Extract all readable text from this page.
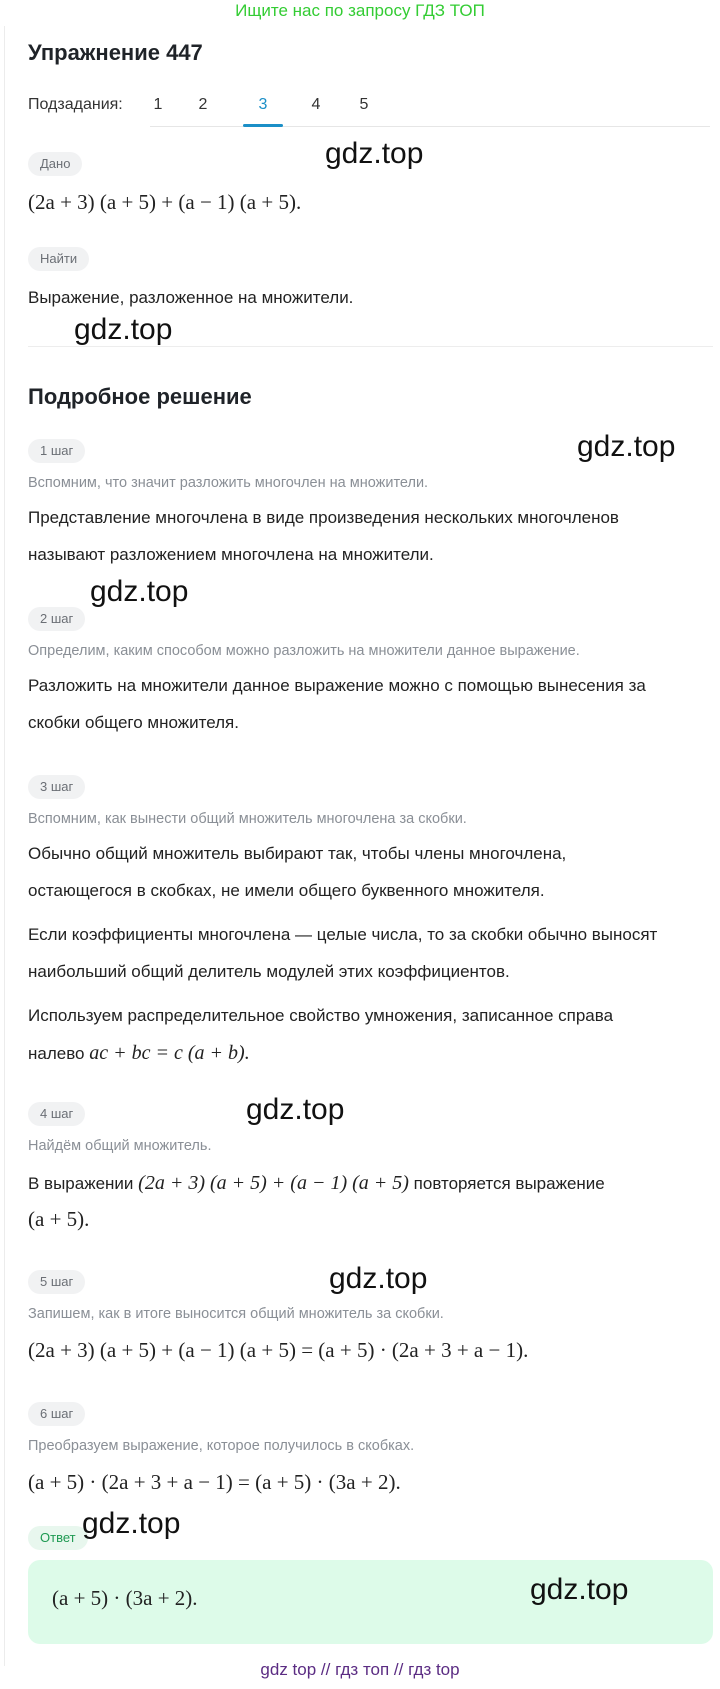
Ищите нас по запросу ГДЗ ТОП
Упражнение 447
Подзадания:	1	2	3	4	5
Дано
(2a + 3) (a + 5) + (a − 1) (a + 5).
Найти
Выражение, разложенное на множители.
Подробное решение
1 шаг
Вспомним, что значит разложить многочлен на множители.
Представление многочлена в виде произведения нескольких многочленов
называют разложением многочлена на множители.
2 шаг
Определим, каким способом можно разложить на множители данное выражение.
Разложить на множители данное выражение можно с помощью вынесения за
скобки общего множителя.
3 шаг
Вспомним, как вынести общий множитель многочлена за скобки.
Обычно общий множитель выбирают так, чтобы члены многочлена,
остающегося в скобках, не имели общего буквенного множителя.
Если коэффициенты многочлена — целые числа, то за скобки обычно выносят
наибольший общий делитель модулей этих коэффициентов.
Используем распределительное свойство умножения, записанное справа
налево ac + bc = c (a + b).
4 шаг
Найдём общий множитель.
В выражении (2a + 3) (a + 5) + (a − 1) (a + 5) повторяется выражение
(a + 5).
5 шаг
Запишем, как в итоге выносится общий множитель за скобки.
(2a + 3) (a + 5) + (a − 1) (a + 5) = (a + 5) · (2a + 3 + a − 1).
6 шаг
Преобразуем выражение, которое получилось в скобках.
(a + 5) · (2a + 3 + a − 1) = (a + 5) · (3a + 2).
Ответ
(a + 5) · (3a + 2).
gdz.top
gdz.top
gdz.top
gdz.top
gdz.top
gdz.top
gdz.top
gdz.top
gdz top // гдз топ // гдз top
